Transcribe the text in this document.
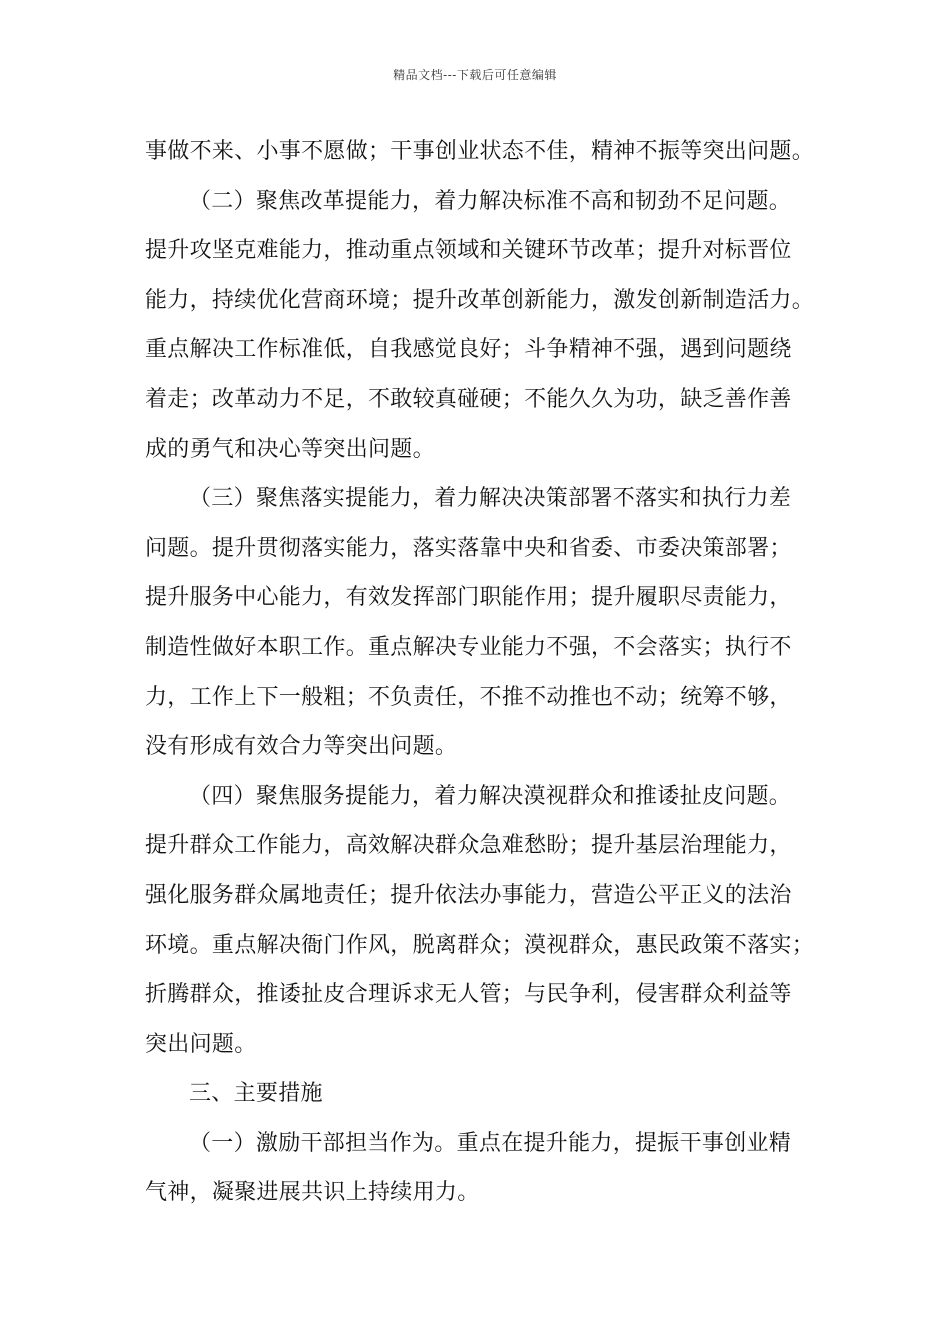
精品文档---下载后可任意编辑

事做不来、小事不愿做；干事创业状态不佳，精神不振等突出问题。

（二）聚焦改革提能力，着力解决标准不高和韧劲不足问题。
提升攻坚克难能力，推动重点领域和关键环节改革；提升对标晋位
能力，持续优化营商环境；提升改革创新能力，激发创新制造活力。
重点解决工作标准低，自我感觉良好；斗争精神不强，遇到问题绕
着走；改革动力不足，不敢较真碰硬；不能久久为功，缺乏善作善
成的勇气和决心等突出问题。

（三）聚焦落实提能力，着力解决决策部署不落实和执行力差
问题。提升贯彻落实能力，落实落靠中央和省委、市委决策部署；
提升服务中心能力，有效发挥部门职能作用；提升履职尽责能力，
制造性做好本职工作。重点解决专业能力不强，不会落实；执行不
力，工作上下一般粗；不负责任，不推不动推也不动；统筹不够，
没有形成有效合力等突出问题。

（四）聚焦服务提能力，着力解决漠视群众和推诿扯皮问题。
提升群众工作能力，高效解决群众急难愁盼；提升基层治理能力，
强化服务群众属地责任；提升依法办事能力，营造公平正义的法治
环境。重点解决衙门作风，脱离群众；漠视群众，惠民政策不落实；
折腾群众，推诿扯皮合理诉求无人管；与民争利，侵害群众利益等
突出问题。

三、主要措施

（一）激励干部担当作为。重点在提升能力，提振干事创业精
气神，凝聚进展共识上持续用力。
